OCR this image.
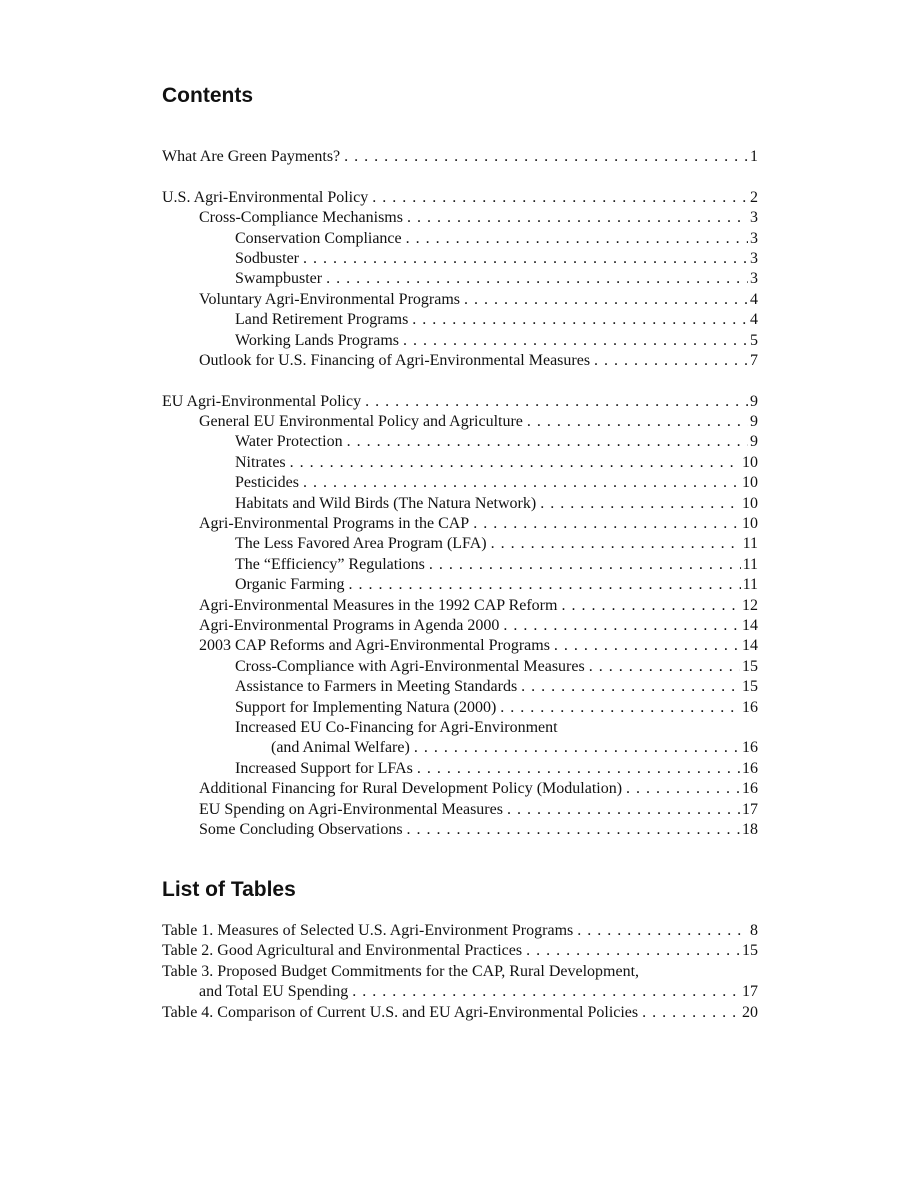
Contents
What Are Green Payments? . . .	1
U.S. Agri-Environmental Policy . . .	2
Cross-Compliance Mechanisms . . .	3
Conservation Compliance . . .	3
Sodbuster . . .	3
Swampbuster . . .	3
Voluntary Agri-Environmental Programs . . .	4
Land Retirement Programs . . .	4
Working Lands Programs . . .	5
Outlook for U.S. Financing of Agri-Environmental Measures . . .	7
EU Agri-Environmental Policy . . .	9
General EU Environmental Policy and Agriculture . . .	9
Water Protection . . .	9
Nitrates . . .	10
Pesticides . . .	10
Habitats and Wild Birds (The Natura Network) . . .	10
Agri-Environmental Programs in the CAP . . .	10
The Less Favored Area Program (LFA) . . .	11
The “Efficiency” Regulations . . .	11
Organic Farming . . .	11
Agri-Environmental Measures in the 1992 CAP Reform . . .	12
Agri-Environmental Programs in Agenda 2000 . . .	14
2003 CAP Reforms and Agri-Environmental Programs . . .	14
Cross-Compliance with Agri-Environmental Measures . . .	15
Assistance to Farmers in Meeting Standards . . .	15
Support for Implementing Natura (2000) . . .	16
Increased EU Co-Financing for Agri-Environment
(and Animal Welfare) . . .	16
Increased Support for LFAs . . .	16
Additional Financing for Rural Development Policy (Modulation) . . .	16
EU Spending on Agri-Environmental Measures . . .	17
Some Concluding Observations . . .	18
List of Tables
Table 1. Measures of Selected U.S. Agri-Environment Programs . . .	8
Table 2. Good Agricultural and Environmental Practices . . .	15
Table 3. Proposed Budget Commitments for the CAP, Rural Development,
and Total EU Spending . . .	17
Table 4. Comparison of Current U.S. and EU Agri-Environmental Policies . . .	20
